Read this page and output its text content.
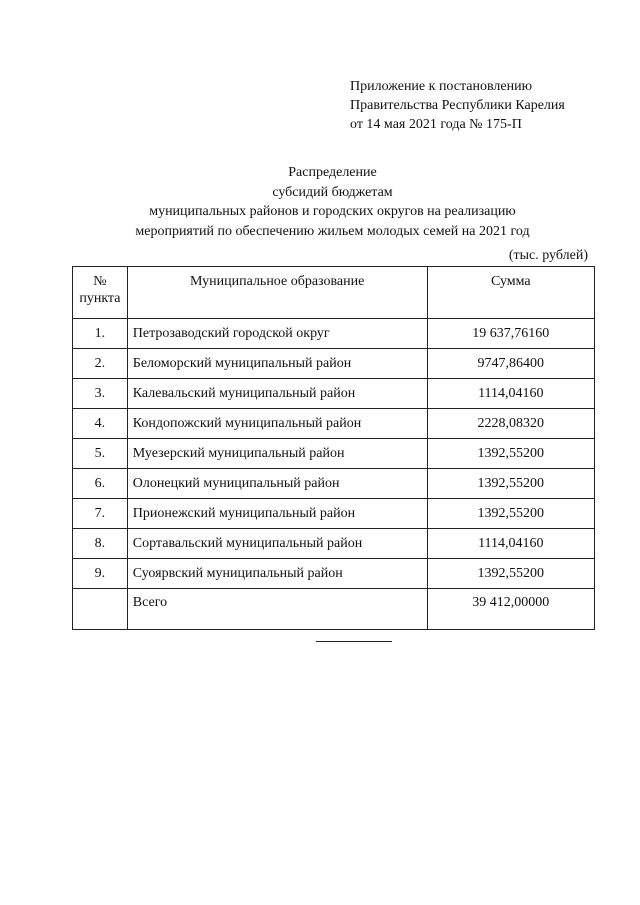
Приложение к постановлению
Правительства Республики Карелия
от 14 мая 2021 года № 175-П
Распределение
субсидий бюджетам
муниципальных районов и городских округов на реализацию
мероприятий по обеспечению жильем молодых семей на 2021 год
(тыс. рублей)
№
пункта	Муниципальное образование	Сумма
1.	Петрозаводский городской округ	19 637,76160
2.	Беломорский муниципальный район	9747,86400
3.	Калевальский муниципальный район	1114,04160
4.	Кондопожский муниципальный район	2228,08320
5.	Муезерский муниципальный район	1392,55200
6.	Олонецкий муниципальный район	1392,55200
7.	Прионежский муниципальный район	1392,55200
8.	Сортавальский муниципальный район	1114,04160
9.	Суоярвский муниципальный район	1392,55200
	Всего	39 412,00000
